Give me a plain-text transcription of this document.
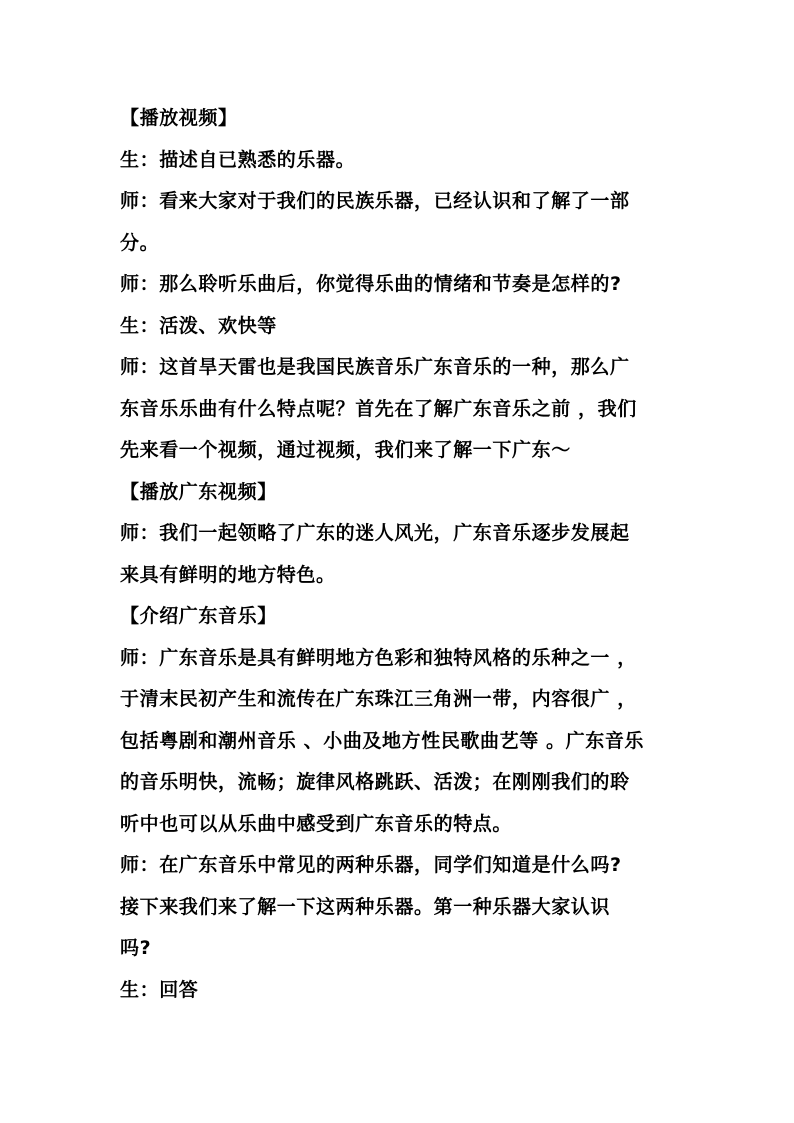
【播放视频】
生：描述自已熟悉的乐器。
师：看来大家对于我们的民族乐器，已经认识和了解了一部
分。
师：那么聆听乐曲后，你觉得乐曲的情绪和节奏是怎样的?
生：活泼、欢快等
师：这首旱天雷也是我国民族音乐广东音乐的一种，那么广
东音乐乐曲有什么特点呢？首先在了解广东音乐之前 ，我们
先来看一个视频，通过视频，我们来了解一下广东～
【播放广东视频】
师：我们一起领略了广东的迷人风光，广东音乐逐步发展起
来具有鲜明的地方特色。
【介绍广东音乐】
师：广东音乐是具有鲜明地方色彩和独特风格的乐种之一 ，
于清末民初产生和流传在广东珠江三角洲一带，内容很广 ，
包括粤剧和潮州音乐 、小曲及地方性民歌曲艺等 。广东音乐
的音乐明快，流畅；旋律风格跳跃、活泼；在刚刚我们的聆
听中也可以从乐曲中感受到广东音乐的特点。
师：在广东音乐中常见的两种乐器，同学们知道是什么吗?
接下来我们来了解一下这两种乐器。第一种乐器大家认识
吗?
生：回答
